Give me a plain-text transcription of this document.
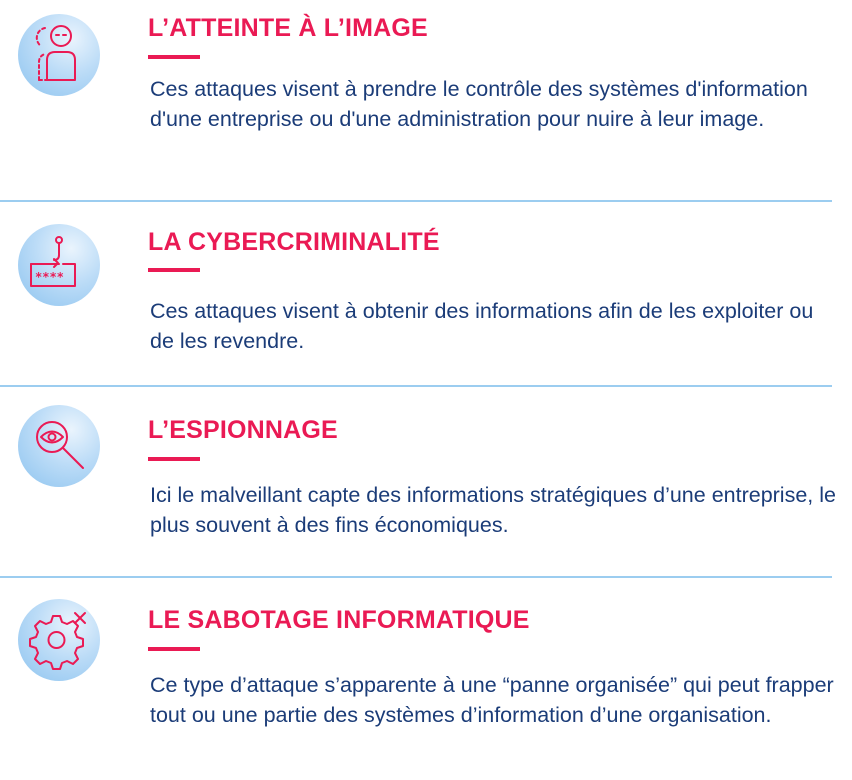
L’ATTEINTE À L’IMAGE

Ces attaques visent à prendre le contrôle des systèmes d'information d'une entreprise ou d'une administration pour nuire à leur image.

****
LA CYBERCRIMINALITÉ

Ces attaques visent à obtenir des informations afin de les exploiter ou de les revendre.

L’ESPIONNAGE

Ici le malveillant capte des informations stratégiques d’une entreprise, le plus souvent à des fins économiques.

LE SABOTAGE INFORMATIQUE

Ce type d’attaque s’apparente à une “panne organisée” qui peut frapper tout ou une partie des systèmes d’information d’une organisation.
